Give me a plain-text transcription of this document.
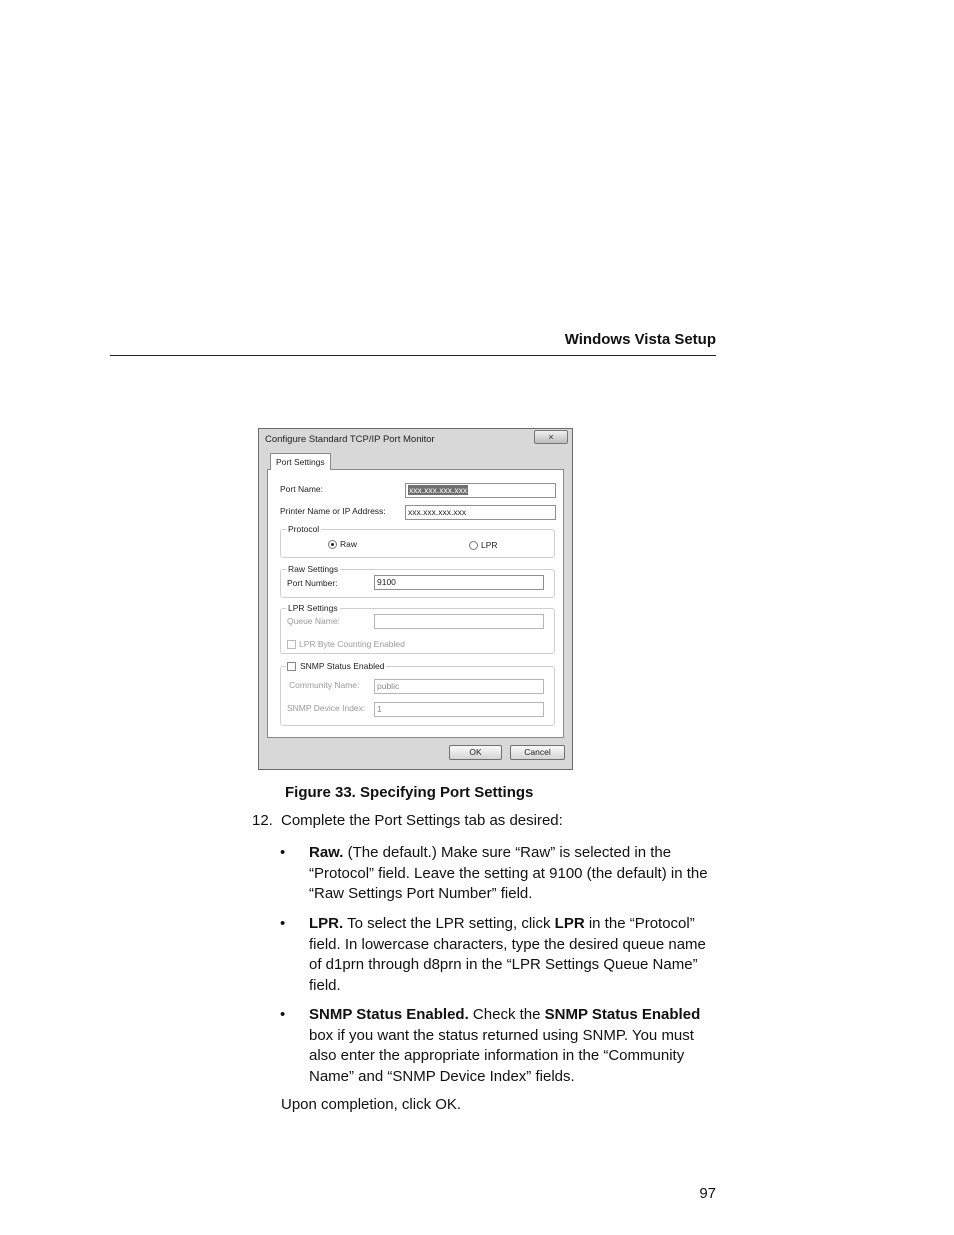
Windows Vista Setup
Configure Standard TCP/IP Port Monitor	×
Port Settings
Port Name:	xxx.xxx.xxx.xxx
Printer Name or IP Address:	xxx.xxx.xxx.xxx
Protocol
Raw	LPR
Raw Settings
Port Number:	9100
LPR Settings
Queue Name:
LPR Byte Counting Enabled
SNMP Status Enabled
Community Name:	public
SNMP Device Index:	1
OK	Cancel
Figure 33. Specifying Port Settings
12. Complete the Port Settings tab as desired:
• Raw. (The default.) Make sure “Raw” is selected in the “Protocol” field. Leave the setting at 9100 (the default) in the “Raw Settings Port Number” field.
• LPR. To select the LPR setting, click LPR in the “Protocol” field. In lowercase characters, type the desired queue name of d1prn through d8prn in the “LPR Settings Queue Name” field.
• SNMP Status Enabled. Check the SNMP Status Enabled box if you want the status returned using SNMP. You must also enter the appropriate information in the “Community Name” and “SNMP Device Index” fields.
Upon completion, click OK.
97
